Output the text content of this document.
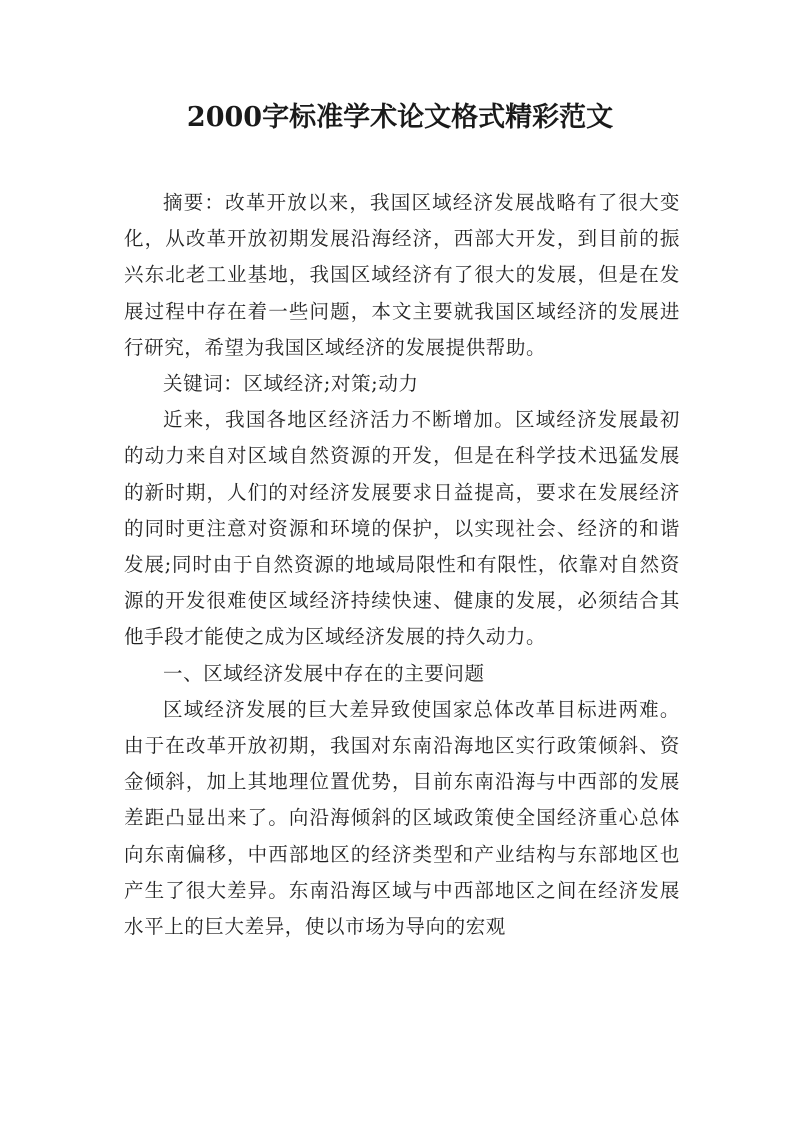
2000字标准学术论文格式精彩范文

摘要：改革开放以来，我国区域经济发展战略有了很大变化，从改革开放初期发展沿海经济，西部大开发，到目前的振兴东北老工业基地，我国区域经济有了很大的发展，但是在发展过程中存在着一些问题，本文主要就我国区域经济的发展进行研究，希望为我国区域经济的发展提供帮助。

关键词：区域经济;对策;动力

近来，我国各地区经济活力不断增加。区域经济发展最初的动力来自对区域自然资源的开发，但是在科学技术迅猛发展的新时期，人们的对经济发展要求日益提高，要求在发展经济的同时更注意对资源和环境的保护，以实现社会、经济的和谐发展;同时由于自然资源的地域局限性和有限性，依靠对自然资源的开发很难使区域经济持续快速、健康的发展，必须结合其他手段才能使之成为区域经济发展的持久动力。

一、区域经济发展中存在的主要问题

区域经济发展的巨大差异致使国家总体改革目标进两难。由于在改革开放初期，我国对东南沿海地区实行政策倾斜、资金倾斜，加上其地理位置优势，目前东南沿海与中西部的发展差距凸显出来了。向沿海倾斜的区域政策使全国经济重心总体向东南偏移，中西部地区的经济类型和产业结构与东部地区也产生了很大差异。东南沿海区域与中西部地区之间在经济发展水平上的巨大差异，使以市场为导向的宏观
